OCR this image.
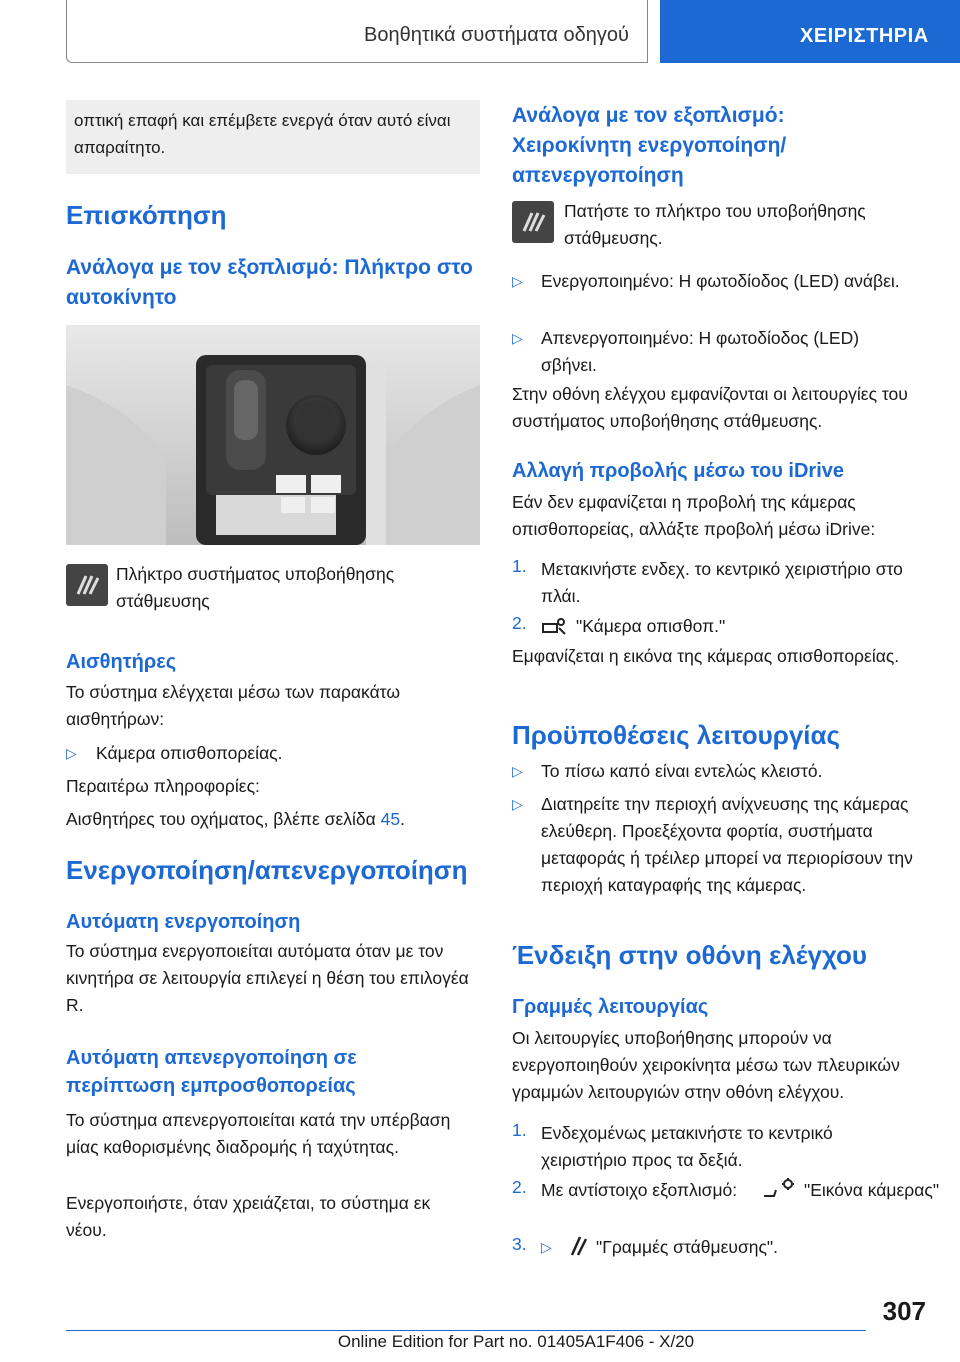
Βοηθητικά συστήματα οδηγού	ΧΕΙΡΙΣΤΗΡΙΑ
οπτική επαφή και επέμβετε ενεργά όταν αυτό είναι απαραίτητο.
Επισκόπηση
Ανάλογα με τον εξοπλισμό: Πλήκτρο στο αυτοκίνητο
Πλήκτρο συστήματος υποβοήθησης στάθμευσης
Αισθητήρες
Το σύστημα ελέγχεται μέσω των παρακάτω αισθητήρων:
▷ Κάμερα οπισθοπορείας.
Περαιτέρω πληροφορίες:
Αισθητήρες του οχήματος, βλέπε σελίδα 45.
Ενεργοποίηση/απενεργοποίηση
Αυτόματη ενεργοποίηση
Το σύστημα ενεργοποιείται αυτόματα όταν με τον κινητήρα σε λειτουργία επιλεγεί η θέση του επιλογέα R.
Αυτόματη απενεργοποίηση σε περίπτωση εμπροσθοπορείας
Το σύστημα απενεργοποιείται κατά την υπέρβαση μίας καθορισμένης διαδρομής ή ταχύτητας.
Ενεργοποιήστε, όταν χρειάζεται, το σύστημα εκ νέου.
Ανάλογα με τον εξοπλισμό: Χειροκίνητη ενεργοποίηση/απενεργοποίηση
Πατήστε το πλήκτρο του υποβοήθησης στάθμευσης.
▷ Ενεργοποιημένο: Η φωτοδίοδος (LED) ανάβει.
▷ Απενεργοποιημένο: Η φωτοδίοδος (LED) σβήνει.
Στην οθόνη ελέγχου εμφανίζονται οι λειτουργίες του συστήματος υποβοήθησης στάθμευσης.
Αλλαγή προβολής μέσω του iDrive
Εάν δεν εμφανίζεται η προβολή της κάμερας οπισθοπορείας, αλλάξτε προβολή μέσω iDrive:
1. Μετακινήστε ενδεχ. το κεντρικό χειριστήριο στο πλάι.
2.	"Κάμερα οπισθοπ."
Εμφανίζεται η εικόνα της κάμερας οπισθοπορείας.
Προϋποθέσεις λειτουργίας
▷ Το πίσω καπό είναι εντελώς κλειστό.
▷ Διατηρείτε την περιοχή ανίχνευσης της κάμερας ελεύθερη. Προεξέχοντα φορτία, συστήματα μεταφοράς ή τρέιλερ μπορεί να περιορίσουν την περιοχή καταγραφής της κάμερας.
Ένδειξη στην οθόνη ελέγχου
Γραμμές λειτουργίας
Οι λειτουργίες υποβοήθησης μπορούν να ενεργοποιηθούν χειροκίνητα μέσω των πλευρικών γραμμών λειτουργιών στην οθόνη ελέγχου.
1. Ενδεχομένως μετακινήστε το κεντρικό χειριστήριο προς τα δεξιά.
2. Με αντίστοιχο εξοπλισμό:	"Εικόνα κάμερας"
3. ▷	"Γραμμές στάθμευσης".
307
Online Edition for Part no. 01405A1F406 - X/20
